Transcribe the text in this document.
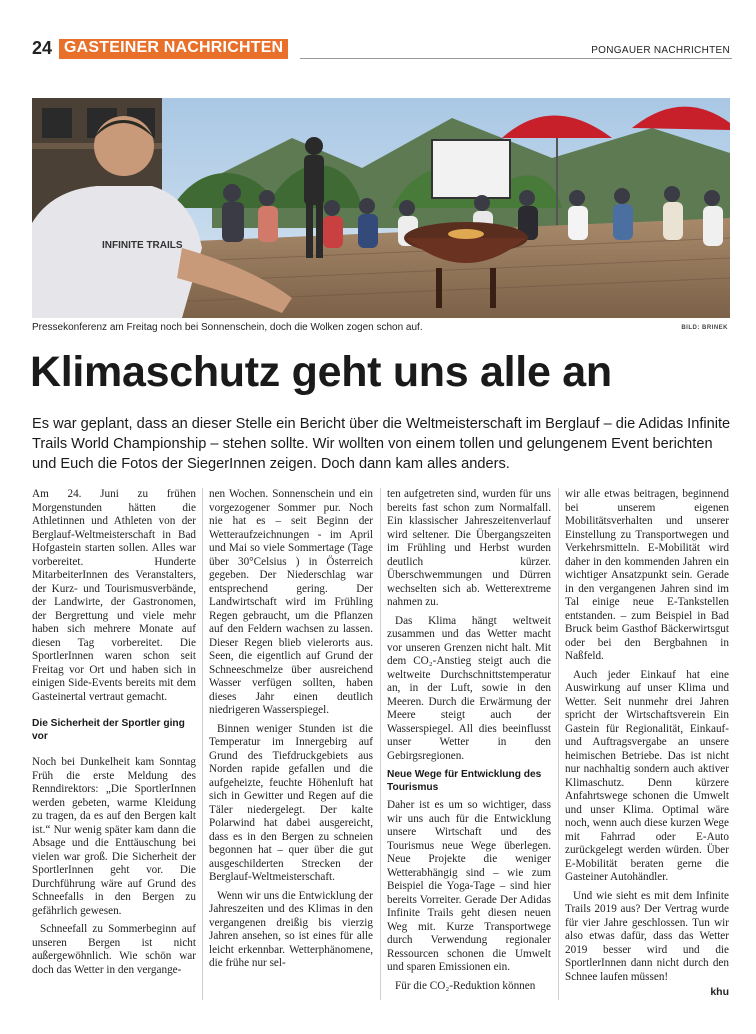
24 GASTEINER NACHRICHTEN	PONGAUER NACHRICHTEN
INFINITE TRAILS
Pressekonferenz am Freitag noch bei Sonnenschein, doch die Wolken zogen schon auf.	BILD: BRINEK
Klimaschutz geht uns alle an

Es war geplant, dass an dieser Stelle ein Bericht über die Weltmeisterschaft im Berglauf – die Adidas Infinite Trails World Championship – stehen sollte. Wir wollten von einem tollen und gelungenem Event berichten und Euch die Fotos der SiegerInnen zeigen. Doch dann kam alles anders.

Am 24. Juni zu frühen Morgenstunden hätten die Athletinnen und Athleten von der Berglauf-Weltmeisterschaft in Bad Hofgastein starten sollen. Alles war vorbereitet. Hunderte MitarbeiterInnen des Veranstalters, der Kurz- und Tourismusverbände, der Landwirte, der Gastronomen, der Bergrettung und viele mehr haben sich mehrere Monate auf diesen Tag vorbereitet. Die SportlerInnen waren schon seit Freitag vor Ort und haben sich in einigen Side-Events bereits mit dem Gasteinertal vertraut gemacht.

Die Sicherheit der Sportler ging vor

Noch bei Dunkelheit kam Sonntag Früh die erste Meldung des Renndirektors: „Die SportlerInnen werden gebeten, warme Kleidung zu tragen, da es auf den Bergen kalt ist.“ Nur wenig später kam dann die Absage und die Enttäuschung bei vielen war groß. Die Sicherheit der SportlerInnen geht vor. Die Durchführung wäre auf Grund des Schneefalls in den Bergen zu gefährlich gewesen.

Schneefall zu Sommerbeginn auf unseren Bergen ist nicht außergewöhnlich. Wie schön war doch das Wetter in den vergange-

nen Wochen. Sonnenschein und ein vorgezogener Sommer pur. Noch nie hat es – seit Beginn der Wetteraufzeichnungen - im April und Mai so viele Sommertage (Tage über 30°Celsius ) in Österreich gegeben. Der Niederschlag war entsprechend gering. Der Landwirtschaft wird im Frühling Regen gebraucht, um die Pflanzen auf den Feldern wachsen zu lassen. Dieser Regen blieb vielerorts aus. Seen, die eigentlich auf Grund der Schneeschmelze über ausreichend Wasser verfügen sollten, haben dieses Jahr einen deutlich niedrigeren Wasserspiegel.

Binnen weniger Stunden ist die Temperatur im Innergebirg auf Grund des Tiefdruckgebiets aus Norden rapide gefallen und die aufgeheizte, feuchte Höhenluft hat sich in Gewitter und Regen auf die Täler niedergelegt. Der kalte Polarwind hat dabei ausgereicht, dass es in den Bergen zu schneien begonnen hat – quer über die gut ausgeschilderten Strecken der Berglauf-Weltmeisterschaft.

Wenn wir uns die Entwicklung der Jahreszeiten und des Klimas in den vergangenen dreißig bis vierzig Jahren ansehen, so ist eines für alle leicht erkennbar. Wetterphänomene, die frühe nur sel-

ten aufgetreten sind, wurden für uns bereits fast schon zum Normalfall. Ein klassischer Jahreszeitenverlauf wird seltener. Die Übergangszeiten im Frühling und Herbst wurden deutlich kürzer. Überschwemmungen und Dürren wechselten sich ab. Wetterextreme nahmen zu.

Das Klima hängt weltweit zusammen und das Wetter macht vor unseren Grenzen nicht halt. Mit dem CO₂-Anstieg steigt auch die weltweite Durchschnittstemperatur an, in der Luft, sowie in den Meeren. Durch die Erwärmung der Meere steigt auch der Wasserspiegel. All dies beeinflusst unser Wetter in den Gebirgsregionen.

Neue Wege für Entwicklung des Tourismus

Daher ist es um so wichtiger, dass wir uns auch für die Entwicklung unsere Wirtschaft und des Tourismus neue Wege überlegen. Neue Projekte die weniger Wetterabhängig sind – wie zum Beispiel die Yoga-Tage – sind hier bereits Vorreiter. Gerade Der Adidas Infinite Trails geht diesen neuen Weg mit. Kurze Transportwege durch Verwendung regionaler Ressourcen schonen die Umwelt und sparen Emissionen ein.

Für die CO₂-Reduktion können

wir alle etwas beitragen, beginnend bei unserem eigenen Mobilitätsverhalten und unserer Einstellung zu Transportwegen und Verkehrsmitteln. E-Mobilität wird daher in den kommenden Jahren ein wichtiger Ansatzpunkt sein. Gerade in den vergangenen Jahren sind im Tal einige neue E-Tankstellen entstanden. – zum Beispiel in Bad Bruck beim Gasthof Bäckerwirtsgut oder bei den Bergbahnen in Naßfeld.

Auch jeder Einkauf hat eine Auswirkung auf unser Klima und Wetter. Seit nunmehr drei Jahren spricht der Wirtschaftsverein Ein Gastein für Regionalität, Einkauf- und Auftragsvergabe an unsere heimischen Betriebe. Das ist nicht nur nachhaltig sondern auch aktiver Klimaschutz. Denn kürzere Anfahrtswege schonen die Umwelt und unser Klima. Optimal wäre noch, wenn auch diese kurzen Wege mit Fahrrad oder E-Auto zurückgelegt werden würden. Über E-Mobilität beraten gerne die Gasteiner Autohändler.

Und wie sieht es mit dem Infinite Trails 2019 aus? Der Vertrag wurde für vier Jahre geschlossen. Tun wir also etwas dafür, dass das Wetter 2019 besser wird und die SportlerInnen dann nicht durch den Schnee laufen müssen!

khu
